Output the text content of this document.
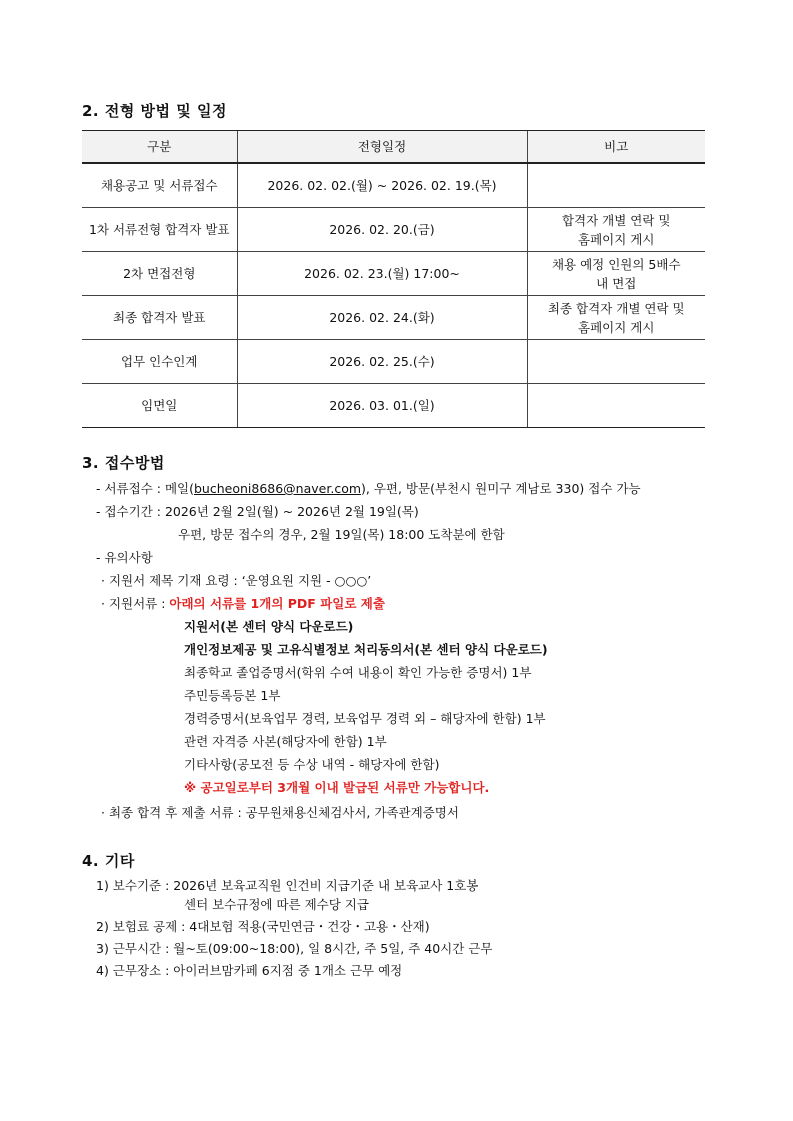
2. 전형 방법 및 일정
구분	전형일정	비고
채용공고 및 서류접수	2026. 02. 02.(월) ~ 2026. 02. 19.(목)	

1차 서류전형 합격자 발표	2026. 02. 20.(금)	합격자 개별 연락 및
홈페이지 게시

2차 면접전형	2026. 02. 23.(월) 17:00~	채용 예정 인원의 5배수
내 면접

최종 합격자 발표	2026. 02. 24.(화)	최종 합격자 개별 연락 및
홈페이지 게시

업무 인수인계	2026. 02. 25.(수)	

임면일	2026. 03. 01.(일)	
3. 접수방법
- 서류접수 : 메일(bucheoni8686@naver.com), 우편, 방문(부천시 원미구 계남로 330) 접수 가능
- 접수기간 : 2026년 2월 2일(월) ~ 2026년 2월 19일(목)
우편, 방문 접수의 경우, 2월 19일(목) 18:00 도착분에 한함
- 유의사항
· 지원서 제목 기재 요령 : ‘운영요원 지원 - ○○○’
· 지원서류 : 아래의 서류를 1개의 PDF 파일로 제출
지원서(본 센터 양식 다운로드)
개인정보제공 및 고유식별정보 처리동의서(본 센터 양식 다운로드)
최종학교 졸업증명서(학위 수여 내용이 확인 가능한 증명서) 1부
주민등록등본 1부
경력증명서(보육업무 경력, 보육업무 경력 외 – 해당자에 한함) 1부
관련 자격증 사본(해당자에 한함) 1부
기타사항(공모전 등 수상 내역 - 해당자에 한함)
※ 공고일로부터 3개월 이내 발급된 서류만 가능합니다.
· 최종 합격 후 제출 서류 : 공무원채용신체검사서, 가족관계증명서
4. 기타
1) 보수기준 : 2026년 보육교직원 인건비 지급기준 내 보육교사 1호봉
센터 보수규정에 따른 제수당 지급
2) 보험료 공제 : 4대보험 적용(국민연금・건강・고용・산재)
3) 근무시간 : 월~토(09:00~18:00), 일 8시간, 주 5일, 주 40시간 근무
4) 근무장소 : 아이러브맘카페 6지점 중 1개소 근무 예정
